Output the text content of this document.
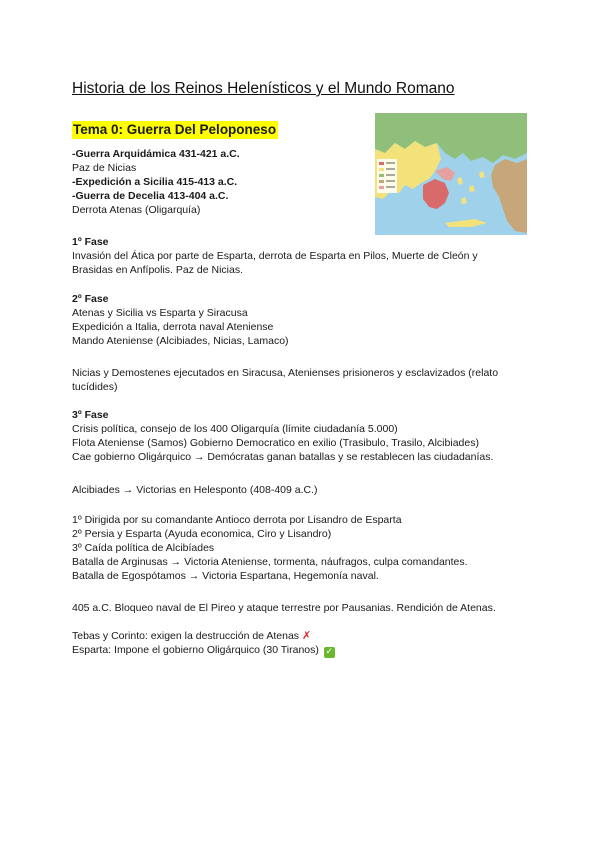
Historia de los Reinos Helenísticos y el Mundo Romano
Tema 0: Guerra Del Peloponeso
-Guerra Arquidámica 431-421 a.C.
Paz de Nicias
-Expedición a Sicilia 415-413 a.C.
-Guerra de Decelia 413-404 a.C.
Derrota Atenas (Oligarquía)
1º Fase
Invasión del Ática por parte de Esparta, derrota de Esparta en Pilos, Muerte de Cleón y
Brasidas en Anfípolis. Paz de Nicias.
2º Fase
Atenas y Sicilia vs Esparta y Siracusa
Expedición a Italia, derrota naval Ateniense
Mando Ateniense (Alcibiades, Nicias, Lamaco)
Nicias y Demostenes ejecutados en Siracusa, Atenienses prisioneros y esclavizados (relato
tucídides)
3º Fase
Crisis política, consejo de los 400 Oligarquía (límite ciudadanía 5.000)
Flota Ateniense (Samos) Gobierno Democratico en exilio (Trasibulo, Trasilo, Alcibiades)
Cae gobierno Oligárquico → Demócratas ganan batallas y se restablecen las ciudadanías.
Alcibiades → Victorias en Helesponto (408-409 a.C.)
1º Dirigida por su comandante Antioco derrota por Lisandro de Esparta
2º Persia y Esparta (Ayuda economica, Ciro y Lisandro)
3º Caída política de Alcibíades
Batalla de Arginusas → Victoria Ateniense, tormenta, náufragos, culpa comandantes.
Batalla de Egospótamos → Victoria Espartana, Hegemonía naval.
405 a.C. Bloqueo naval de El Pireo y ataque terrestre por Pausanias. Rendición de Atenas.
Tebas y Corinto: exigen la destrucción de Atenas ✗
Esparta: Impone el gobierno Oligárquico (30 Tiranos) ✓
